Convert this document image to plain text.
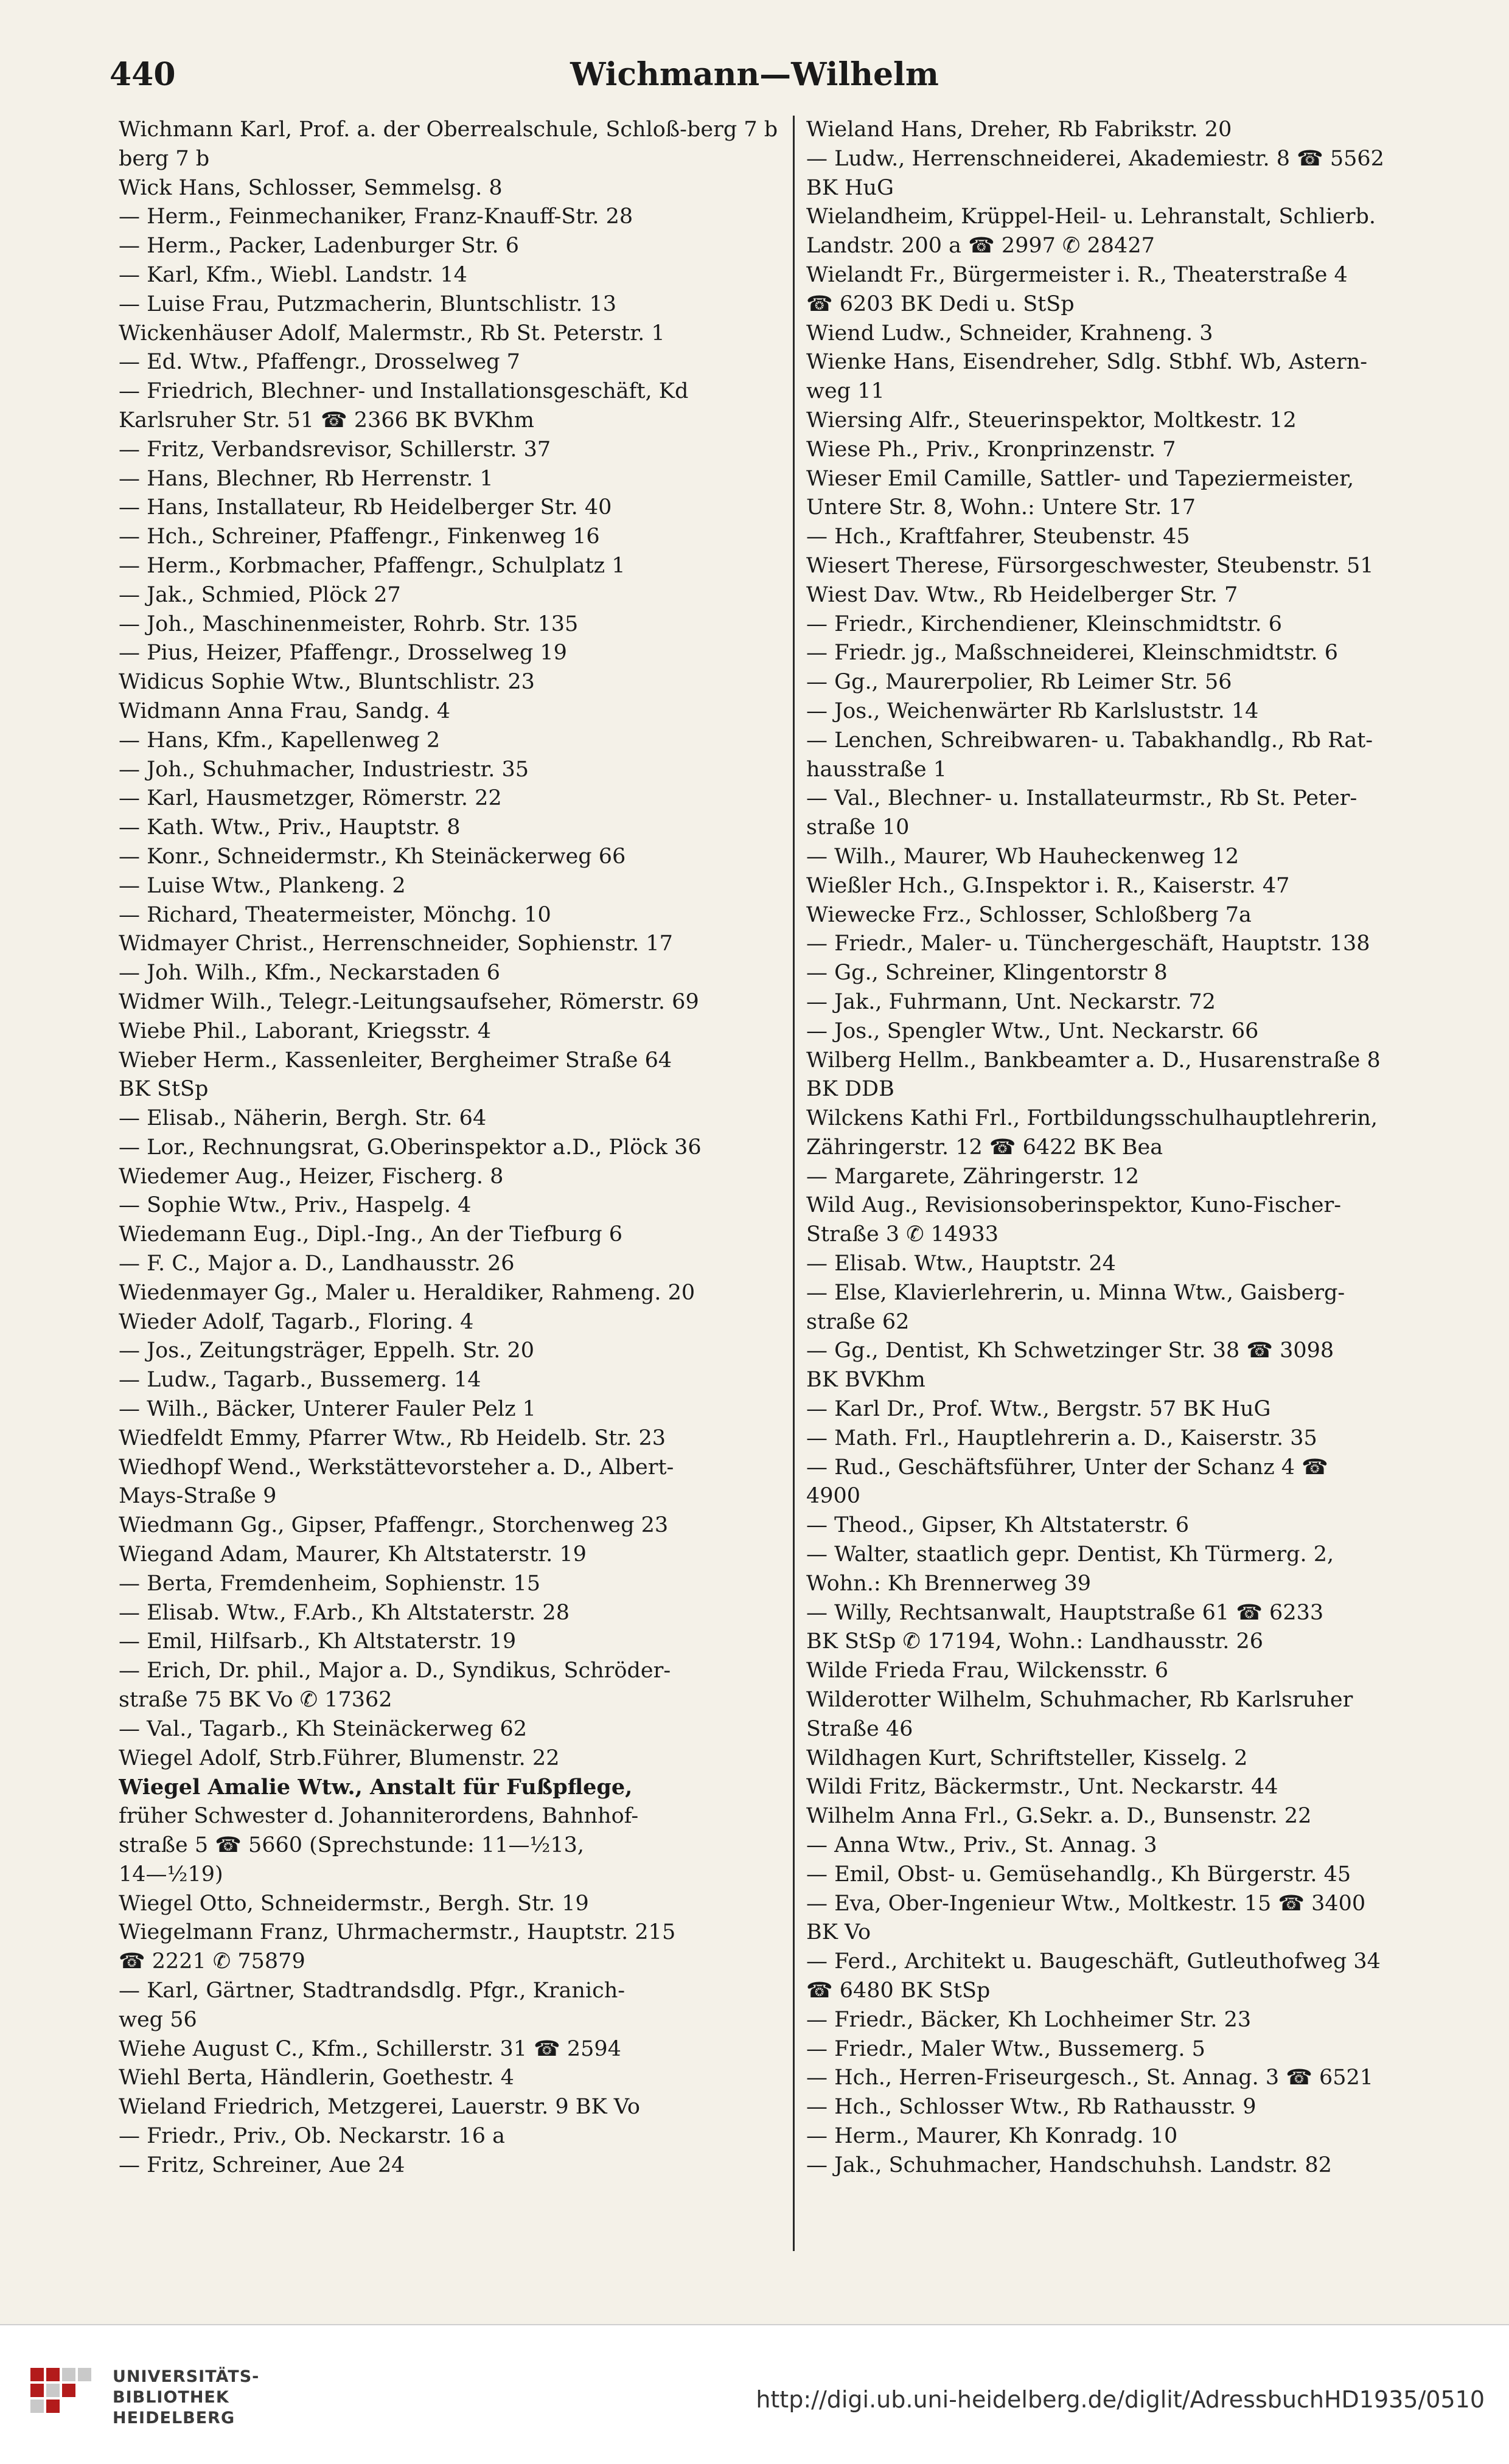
440	Wichmann—Wilhelm
Wichmann Karl, Prof. a. der Oberrealschule, Schloß-berg 7 b
berg 7 b
Wick Hans, Schlosser, Semmelsg. 8
— Herm., Feinmechaniker, Franz-Knauff-Str. 28
— Herm., Packer, Ladenburger Str. 6
— Karl, Kfm., Wiebl. Landstr. 14
— Luise Frau, Putzmacherin, Bluntschlistr. 13
Wickenhäuser Adolf, Malermstr., Rb St. Peterstr. 1
— Ed. Wtw., Pfaffengr., Drosselweg 7
— Friedrich, Blechner- und Installationsgeschäft, Kd
Karlsruher Str. 51 ☎ 2366 BK BVKhm
— Fritz, Verbandsrevisor, Schillerstr. 37
— Hans, Blechner, Rb Herrenstr. 1
— Hans, Installateur, Rb Heidelberger Str. 40
— Hch., Schreiner, Pfaffengr., Finkenweg 16
— Herm., Korbmacher, Pfaffengr., Schulplatz 1
— Jak., Schmied, Plöck 27
— Joh., Maschinenmeister, Rohrb. Str. 135
— Pius, Heizer, Pfaffengr., Drosselweg 19
Widicus Sophie Wtw., Bluntschlistr. 23
Widmann Anna Frau, Sandg. 4
— Hans, Kfm., Kapellenweg 2
— Joh., Schuhmacher, Industriestr. 35
— Karl, Hausmetzger, Römerstr. 22
— Kath. Wtw., Priv., Hauptstr. 8
— Konr., Schneidermstr., Kh Steinäckerweg 66
— Luise Wtw., Plankeng. 2
— Richard, Theatermeister, Mönchg. 10
Widmayer Christ., Herrenschneider, Sophienstr. 17
— Joh. Wilh., Kfm., Neckarstaden 6
Widmer Wilh., Telegr.-Leitungsaufseher, Römerstr. 69
Wiebe Phil., Laborant, Kriegsstr. 4
Wieber Herm., Kassenleiter, Bergheimer Straße 64
BK StSp
— Elisab., Näherin, Bergh. Str. 64
— Lor., Rechnungsrat, G.Oberinspektor a.D., Plöck 36
Wiedemer Aug., Heizer, Fischerg. 8
— Sophie Wtw., Priv., Haspelg. 4
Wiedemann Eug., Dipl.-Ing., An der Tiefburg 6
— F. C., Major a. D., Landhausstr. 26
Wiedenmayer Gg., Maler u. Heraldiker, Rahmeng. 20
Wieder Adolf, Tagarb., Floring. 4
— Jos., Zeitungsträger, Eppelh. Str. 20
— Ludw., Tagarb., Bussemerg. 14
— Wilh., Bäcker, Unterer Fauler Pelz 1
Wiedfeldt Emmy, Pfarrer Wtw., Rb Heidelb. Str. 23
Wiedhopf Wend., Werkstättevorsteher a. D., Albert-
Mays-Straße 9
Wiedmann Gg., Gipser, Pfaffengr., Storchenweg 23
Wiegand Adam, Maurer, Kh Altstaterstr. 19
— Berta, Fremdenheim, Sophienstr. 15
— Elisab. Wtw., F.Arb., Kh Altstaterstr. 28
— Emil, Hilfsarb., Kh Altstaterstr. 19
— Erich, Dr. phil., Major a. D., Syndikus, Schröder-
straße 75 BK Vo ✆ 17362
— Val., Tagarb., Kh Steinäckerweg 62
Wiegel Adolf, Strb.Führer, Blumenstr. 22
Wiegel Amalie Wtw., Anstalt für Fußpflege,
früher Schwester d. Johanniterordens, Bahnhof-
straße 5 ☎ 5660 (Sprechstunde: 11—½13,
14—½19)
Wiegel Otto, Schneidermstr., Bergh. Str. 19
Wiegelmann Franz, Uhrmachermstr., Hauptstr. 215
☎ 2221 ✆ 75879
— Karl, Gärtner, Stadtrandsdlg. Pfgr., Kranich-
weg 56
Wiehe August C., Kfm., Schillerstr. 31 ☎ 2594
Wiehl Berta, Händlerin, Goethestr. 4
Wieland Friedrich, Metzgerei, Lauerstr. 9 BK Vo
— Friedr., Priv., Ob. Neckarstr. 16 a
— Fritz, Schreiner, Aue 24
Wieland Hans, Dreher, Rb Fabrikstr. 20
— Ludw., Herrenschneiderei, Akademiestr. 8 ☎ 5562
BK HuG
Wielandheim, Krüppel-Heil- u. Lehranstalt, Schlierb.
Landstr. 200 a ☎ 2997 ✆ 28427
Wielandt Fr., Bürgermeister i. R., Theaterstraße 4
☎ 6203 BK Dedi u. StSp
Wiend Ludw., Schneider, Krahneng. 3
Wienke Hans, Eisendreher, Sdlg. Stbhf. Wb, Astern-
weg 11
Wiersing Alfr., Steuerinspektor, Moltkestr. 12
Wiese Ph., Priv., Kronprinzenstr. 7
Wieser Emil Camille, Sattler- und Tapeziermeister,
Untere Str. 8, Wohn.: Untere Str. 17
— Hch., Kraftfahrer, Steubenstr. 45
Wiesert Therese, Fürsorgeschwester, Steubenstr. 51
Wiest Dav. Wtw., Rb Heidelberger Str. 7
— Friedr., Kirchendiener, Kleinschmidtstr. 6
— Friedr. jg., Maßschneiderei, Kleinschmidtstr. 6
— Gg., Maurerpolier, Rb Leimer Str. 56
— Jos., Weichenwärter Rb Karlsluststr. 14
— Lenchen, Schreibwaren- u. Tabakhandlg., Rb Rat-
hausstraße 1
— Val., Blechner- u. Installateurmstr., Rb St. Peter-
straße 10
— Wilh., Maurer, Wb Hauheckenweg 12
Wießler Hch., G.Inspektor i. R., Kaiserstr. 47
Wiewecke Frz., Schlosser, Schloßberg 7a
— Friedr., Maler- u. Tünchergeschäft, Hauptstr. 138
— Gg., Schreiner, Klingentorstr 8
— Jak., Fuhrmann, Unt. Neckarstr. 72
— Jos., Spengler Wtw., Unt. Neckarstr. 66
Wilberg Hellm., Bankbeamter a. D., Husarenstraße 8
BK DDB
Wilckens Kathi Frl., Fortbildungsschulhauptlehrerin,
Zähringerstr. 12 ☎ 6422 BK Bea
— Margarete, Zähringerstr. 12
Wild Aug., Revisionsoberinspektor, Kuno-Fischer-
Straße 3 ✆ 14933
— Elisab. Wtw., Hauptstr. 24
— Else, Klavierlehrerin, u. Minna Wtw., Gaisberg-
straße 62
— Gg., Dentist, Kh Schwetzinger Str. 38 ☎ 3098
BK BVKhm
— Karl Dr., Prof. Wtw., Bergstr. 57 BK HuG
— Math. Frl., Hauptlehrerin a. D., Kaiserstr. 35
— Rud., Geschäftsführer, Unter der Schanz 4 ☎
4900
— Theod., Gipser, Kh Altstaterstr. 6
— Walter, staatlich gepr. Dentist, Kh Türmerg. 2,
Wohn.: Kh Brennerweg 39
— Willy, Rechtsanwalt, Hauptstraße 61 ☎ 6233
BK StSp ✆ 17194, Wohn.: Landhausstr. 26
Wilde Frieda Frau, Wilckensstr. 6
Wilderotter Wilhelm, Schuhmacher, Rb Karlsruher
Straße 46
Wildhagen Kurt, Schriftsteller, Kisselg. 2
Wildi Fritz, Bäckermstr., Unt. Neckarstr. 44
Wilhelm Anna Frl., G.Sekr. a. D., Bunsenstr. 22
— Anna Wtw., Priv., St. Annag. 3
— Emil, Obst- u. Gemüsehandlg., Kh Bürgerstr. 45
— Eva, Ober-Ingenieur Wtw., Moltkestr. 15 ☎ 3400
BK Vo
— Ferd., Architekt u. Baugeschäft, Gutleuthofweg 34
☎ 6480 BK StSp
— Friedr., Bäcker, Kh Lochheimer Str. 23
— Friedr., Maler Wtw., Bussemerg. 5
— Hch., Herren-Friseurgesch., St. Annag. 3 ☎ 6521
— Hch., Schlosser Wtw., Rb Rathausstr. 9
— Herm., Maurer, Kh Konradg. 10
— Jak., Schuhmacher, Handschuhsh. Landstr. 82
UNIVERSITÄTS-
BIBLIOTHEK
HEIDELBERG
http://digi.ub.uni-heidelberg.de/diglit/AdressbuchHD1935/0510
